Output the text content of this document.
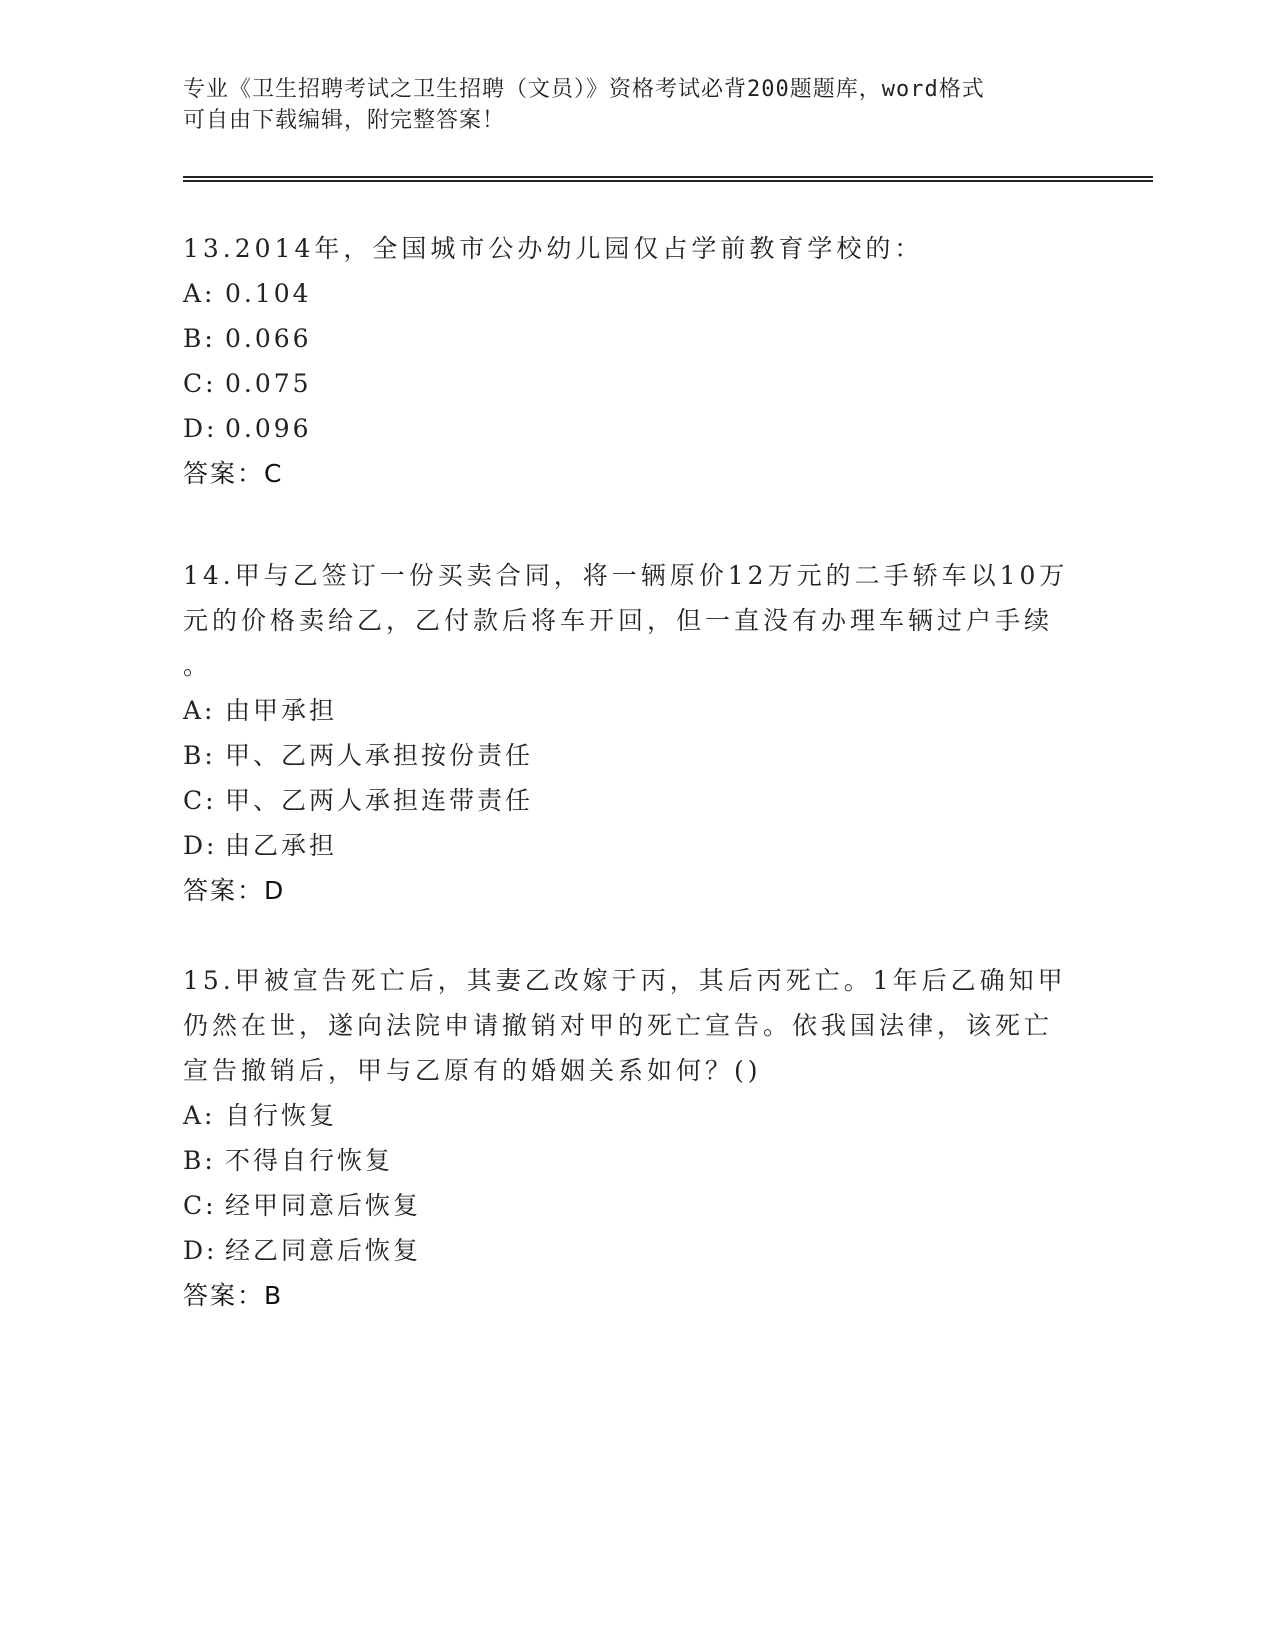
专业《卫生招聘考试之卫生招聘（文员）》资格考试必背200题题库，word格式
可自由下载编辑，附完整答案！
13.2014年，全国城市公办幼儿园仅占学前教育学校的：
A: 0.104
B: 0.066
C: 0.075
D: 0.096
答案：C
14.甲与乙签订一份买卖合同，将一辆原价12万元的二手轿车以10万
元的价格卖给乙，乙付款后将车开回，但一直没有办理车辆过户手续
。
A: 由甲承担
B: 甲、乙两人承担按份责任
C: 甲、乙两人承担连带责任
D: 由乙承担
答案：D
15.甲被宣告死亡后，其妻乙改嫁于丙，其后丙死亡。1年后乙确知甲
仍然在世，遂向法院申请撤销对甲的死亡宣告。依我国法律，该死亡
宣告撤销后，甲与乙原有的婚姻关系如何？()
A: 自行恢复
B: 不得自行恢复
C: 经甲同意后恢复
D: 经乙同意后恢复
答案：B
